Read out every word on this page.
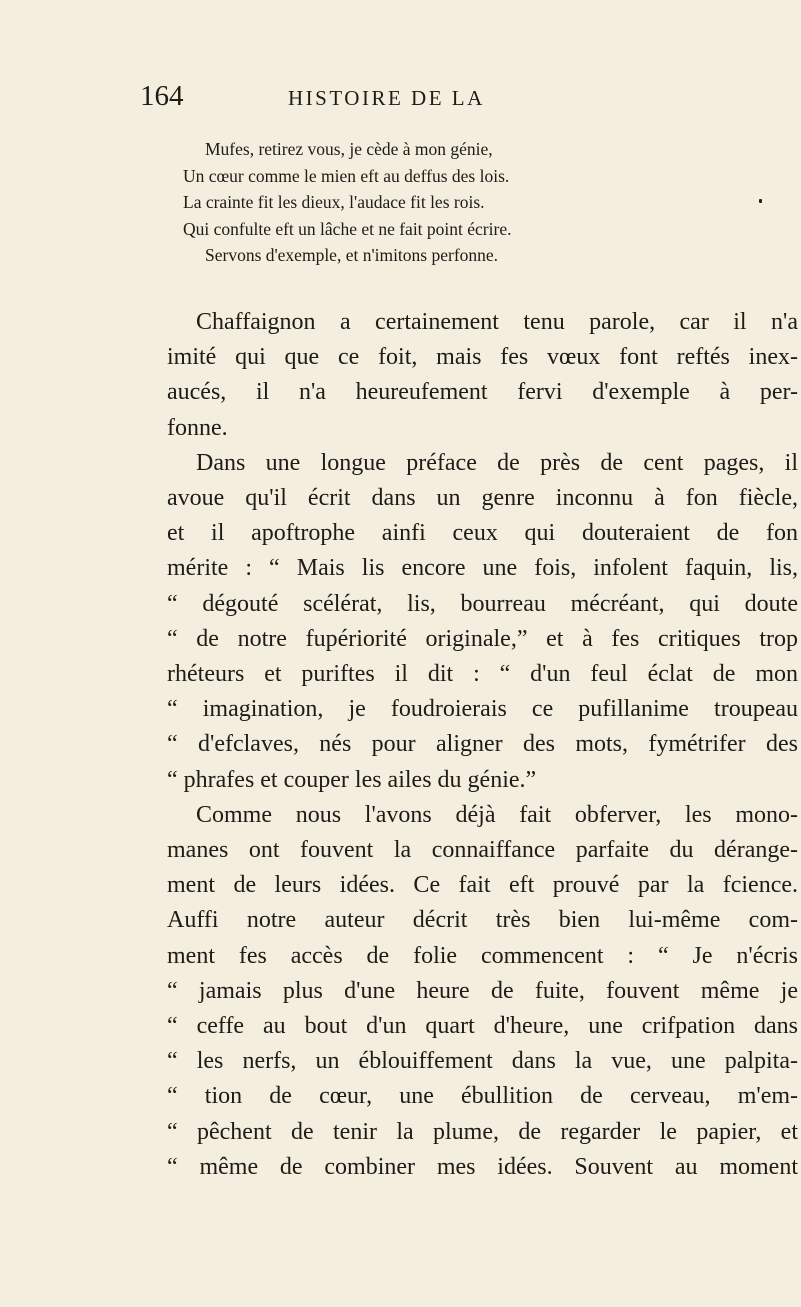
164	HISTOIRE DE LA
Mufes, retirez vous, je cède à mon génie,
Un cœur comme le mien eft au deffus des lois.
La crainte fit les dieux, l'audace fit les rois.
Qui confulte eft un lâche et ne fait point écrire.
Servons d'exemple, et n'imitons perfonne.
Chaffaignon a certainement tenu parole, car il n'a
imité qui que ce foit, mais fes vœux font reftés inex-
aucés, il n'a heureufement fervi d'exemple à per-
fonne.
Dans une longue préface de près de cent pages, il
avoue qu'il écrit dans un genre inconnu à fon fiècle,
et il apoftrophe ainfi ceux qui douteraient de fon
mérite : “ Mais lis encore une fois, infolent faquin, lis,
“ dégouté scélérat, lis, bourreau mécréant, qui doute
“ de notre fupériorité originale,” et à fes critiques trop
rhéteurs et puriftes il dit : “ d'un feul éclat de mon
“ imagination, je foudroierais ce pufillanime troupeau
“ d'efclaves, nés pour aligner des mots, fymétrifer des
“ phrafes et couper les ailes du génie.”
Comme nous l'avons déjà fait obferver, les mono-
manes ont fouvent la connaiffance parfaite du dérange-
ment de leurs idées. Ce fait eft prouvé par la fcience.
Auffi notre auteur décrit très bien lui-même com-
ment fes accès de folie commencent : “ Je n'écris
“ jamais plus d'une heure de fuite, fouvent même je
“ ceffe au bout d'un quart d'heure, une crifpation dans
“ les nerfs, un éblouiffement dans la vue, une palpita-
“ tion de cœur, une ébullition de cerveau, m'em-
“ pêchent de tenir la plume, de regarder le papier, et
“ même de combiner mes idées. Souvent au moment
